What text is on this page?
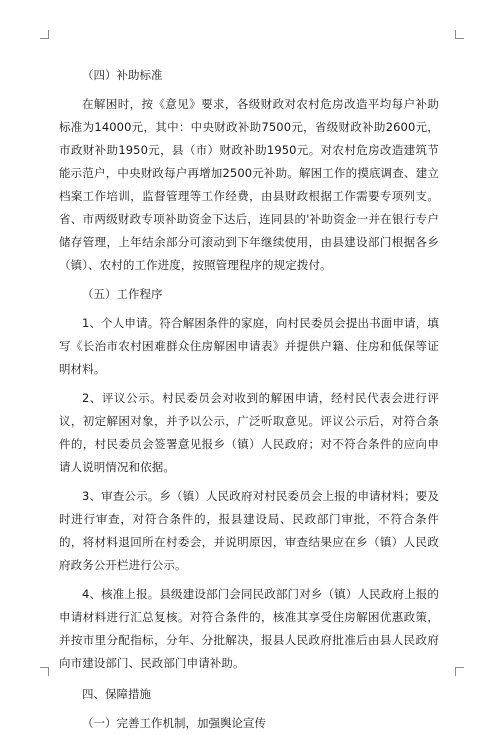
（四）补助标准

在解困时，按《意见》要求，各级财政对农村危房改造平均每户补助标准为14000元，其中：中央财政补助7500元，省级财政补助2600元，市政财补助1950元，县（市）财政补助1950元。对农村危房改造建筑节能示范户，中央财政每户再增加2500元补助。解困工作的摸底调查、建立档案工作培训，监督管理等工作经费，由县财政根据工作需要专项列支。省、市两级财政专项补助资金下达后，连同县的'补助资金一并在银行专户储存管理，上年结余部分可滚动到下年继续使用，由县建设部门根据各乡（镇）、农村的工作进度，按照管理程序的规定拨付。

（五）工作程序

1、个人申请。符合解困条件的家庭，向村民委员会提出书面申请，填写《长治市农村困难群众住房解困申请表》并提供户籍、住房和低保等证明材料。

2、评议公示。村民委员会对收到的解困申请，经村民代表会进行评议，初定解困对象，并予以公示，广泛听取意见。评议公示后，对符合条件的，村民委员会签署意见报乡（镇）人民政府；对不符合条件的应向申请人说明情况和依据。

3、审查公示。乡（镇）人民政府对村民委员会上报的申请材料；要及时进行审查，对符合条件的，报县建设局、民政部门审批，不符合条件的，将材料退回所在村委会，并说明原因，审查结果应在乡（镇）人民政府政务公开栏进行公示。

4、核准上报。县级建设部门会同民政部门对乡（镇）人民政府上报的申请材料进行汇总复核。对符合条件的，核准其享受住房解困优惠政策，并按市里分配指标，分年、分批解决，报县人民政府批准后由县人民政府向市建设部门、民政部门申请补助。

四、保障措施

（一）完善工作机制，加强舆论宣传
